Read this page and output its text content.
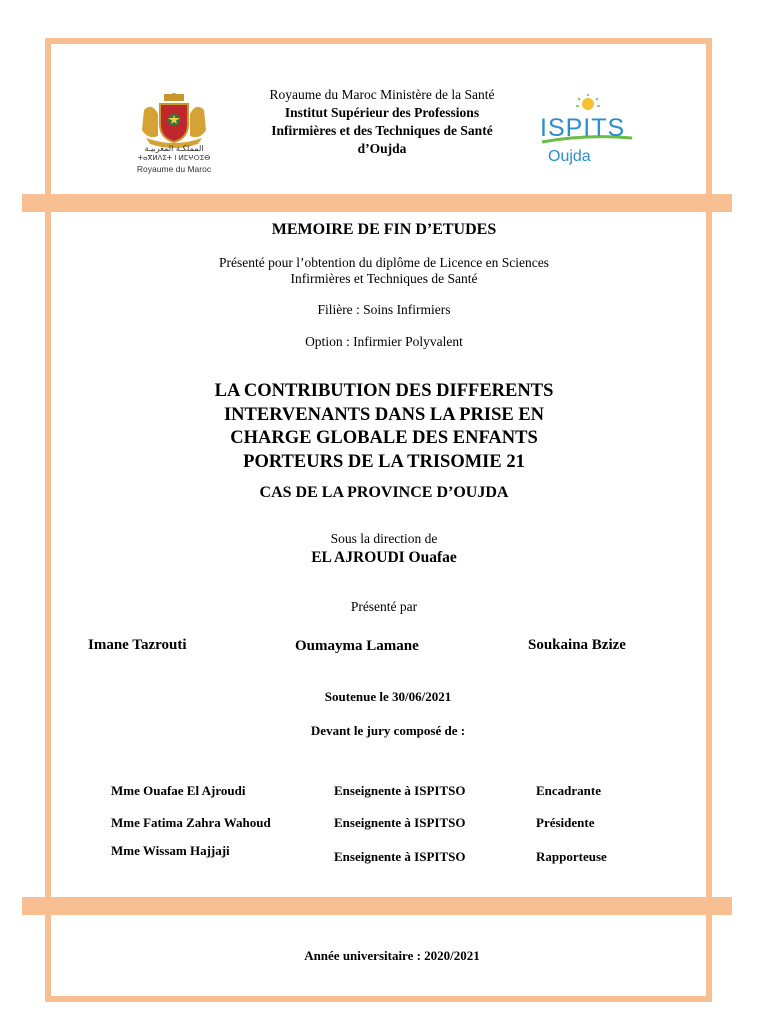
المملكـة المغربيـة
ⵜⴰⴳⵍⴷⵉⵜ ⵏ ⵍⵎⵖⵔⵉⴱ
Royaume du Maroc
Royaume du Maroc Ministère de la Santé
Institut Supérieur des Professions
Infirmières et des Techniques de Santé
d’Oujda
ISPITS
Oujda
MEMOIRE DE FIN D’ETUDES
Présenté pour l’obtention du diplôme de Licence en Sciences
Infirmières et Techniques de Santé
Filière : Soins Infirmiers
Option : Infirmier Polyvalent
LA CONTRIBUTION DES DIFFERENTS
INTERVENANTS DANS LA PRISE EN
CHARGE GLOBALE DES ENFANTS
PORTEURS DE LA TRISOMIE 21
CAS DE LA PROVINCE D’OUJDA
Sous la direction de
EL AJROUDI Ouafae
Présenté par
Imane Tazrouti	Oumayma Lamane	Soukaina Bzize
Soutenue le 30/06/2021
Devant le jury composé de :
Mme Ouafae El Ajroudi	Enseignente à ISPITSO	Encadrante
Mme Fatima Zahra Wahoud	Enseignente à ISPITSO	Présidente
Mme Wissam Hajjaji	Enseignente à ISPITSO	Rapporteuse
Année universitaire : 2020/2021
